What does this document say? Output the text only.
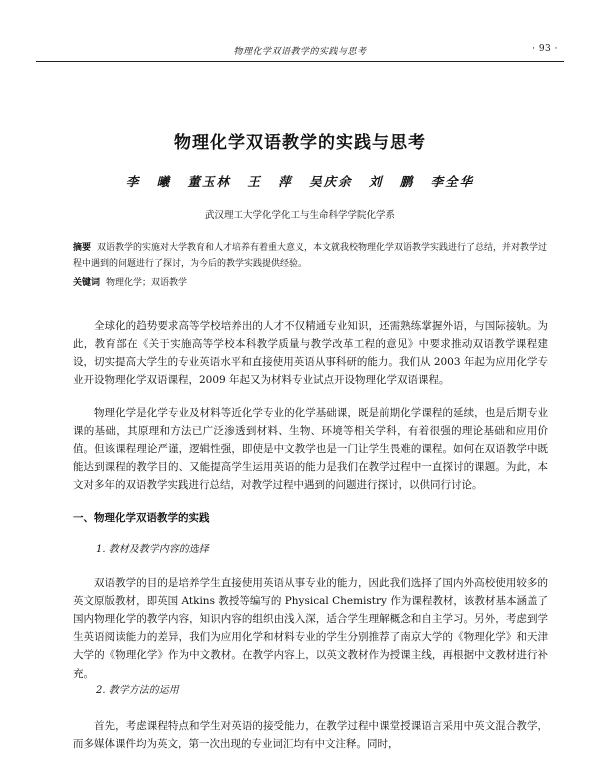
物理化学双语教学的实践与思考	· 93 ·
物理化学双语教学的实践与思考
李 曦 董玉林 王 萍 吴庆余 刘 鹏 李全华
武汉理工大学化学化工与生命科学学院化学系
摘要 双语教学的实施对大学教育和人才培养有着重大意义，本文就我校物理化学双语教学实践进行了总结，并对教学过程中遇到的问题进行了探讨，为今后的教学实践提供经验。
关键词 物理化学；双语教学

全球化的趋势要求高等学校培养出的人才不仅精通专业知识，还需熟练掌握外语，与国际接轨。为此，教育部在《关于实施高等学校本科教学质量与教学改革工程的意见》中要求推动双语教学课程建设，切实提高大学生的专业英语水平和直接使用英语从事科研的能力。我们从 2003 年起为应用化学专业开设物理化学双语课程，2009 年起又为材料专业试点开设物理化学双语课程。

物理化学是化学专业及材料等近化学专业的化学基础课，既是前期化学课程的延续，也是后期专业课的基础，其原理和方法已广泛渗透到材料、生物、环境等相关学科，有着很强的理论基础和应用价值。但该课程理论严谨，逻辑性强，即使是中文教学也是一门让学生畏难的课程。如何在双语教学中既能达到课程的教学目的、又能提高学生运用英语的能力是我们在教学过程中一直探讨的课题。为此，本文对多年的双语教学实践进行总结，对教学过程中遇到的问题进行探讨，以供同行讨论。

一、物理化学双语教学的实践
1. 教材及教学内容的选择

双语教学的目的是培养学生直接使用英语从事专业的能力，因此我们选择了国内外高校使用较多的英文原版教材，即英国 Atkins 教授等编写的 Physical Chemistry 作为课程教材，该教材基本涵盖了国内物理化学的教学内容，知识内容的组织由浅入深，适合学生理解概念和自主学习。另外，考虑到学生英语阅读能力的差异，我们为应用化学和材料专业的学生分别推荐了南京大学的《物理化学》和天津大学的《物理化学》作为中文教材。在教学内容上，以英文教材作为授课主线，再根据中文教材进行补充。

2. 教学方法的运用

首先，考虑课程特点和学生对英语的接受能力，在教学过程中课堂授课语言采用中英文混合教学，而多媒体课件均为英文，第一次出现的专业词汇均有中文注释。同时，
